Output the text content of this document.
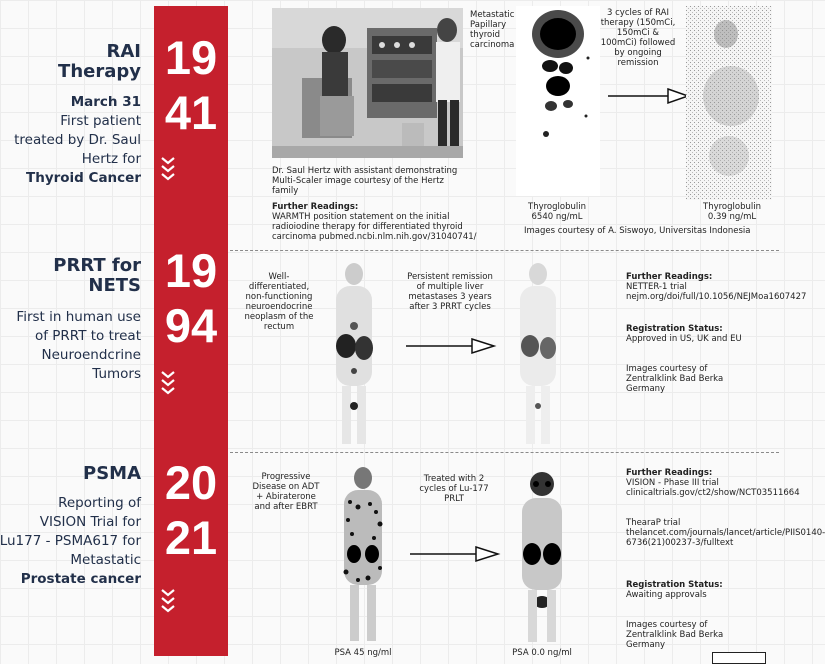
RAI
Therapy
March 31
First patient
treated by Dr. Saul
Hertz for
Thyroid Cancer
19
41
Dr. Saul Hertz with assistant demonstrating Multi-Scaler image courtesy of the Hertz family
Further Readings:
WARMTH position statement on the initial radioiodine therapy for differentiated thyroid carcinoma pubmed.ncbi.nlm.nih.gov/31040741/
Metastatic Papillary thyroid carcinoma
Thyroglobulin
6540 ng/mL
3 cycles of RAI therapy (150mCi, 150mCi & 100mCi) followed by ongoing remission
Thyroglobulin
0.39 ng/mL
Images courtesy of A. Siswoyo, Universitas Indonesia
PRRT for
NETS
First in human use
of PRRT to treat
Neuroendcrine
Tumors
19
94
Well-differentiated, non-functioning neuroendocrine neoplasm of the rectum
Persistent remission of multiple liver metastases 3 years after 3 PRRT cycles
Further Readings:
NETTER-1 trial nejm.org/doi/full/10.1056/NEJMoa1607427
Registration Status:
Approved in US, UK and EU
Images courtesy of Zentralklink Bad Berka Germany
PSMA
Reporting of
VISION Trial for
Lu177 - PSMA617 for
Metastatic
Prostate cancer
20
21
Progressive Disease on ADT + Abiraterone and after EBRT
PSA 45 ng/ml
Treated with 2 cycles of Lu-177 PRLT
PSA 0.0 ng/ml
Further Readings:
VISION - Phase III trial clinicaltrials.gov/ct2/show/NCT03511664
ThearaP trial thelancet.com/journals/lancet/article/PIIS0140-6736(21)00237-3/fulltext
Registration Status:
Awaiting approvals
Images courtesy of Zentralklink Bad Berka Germany
